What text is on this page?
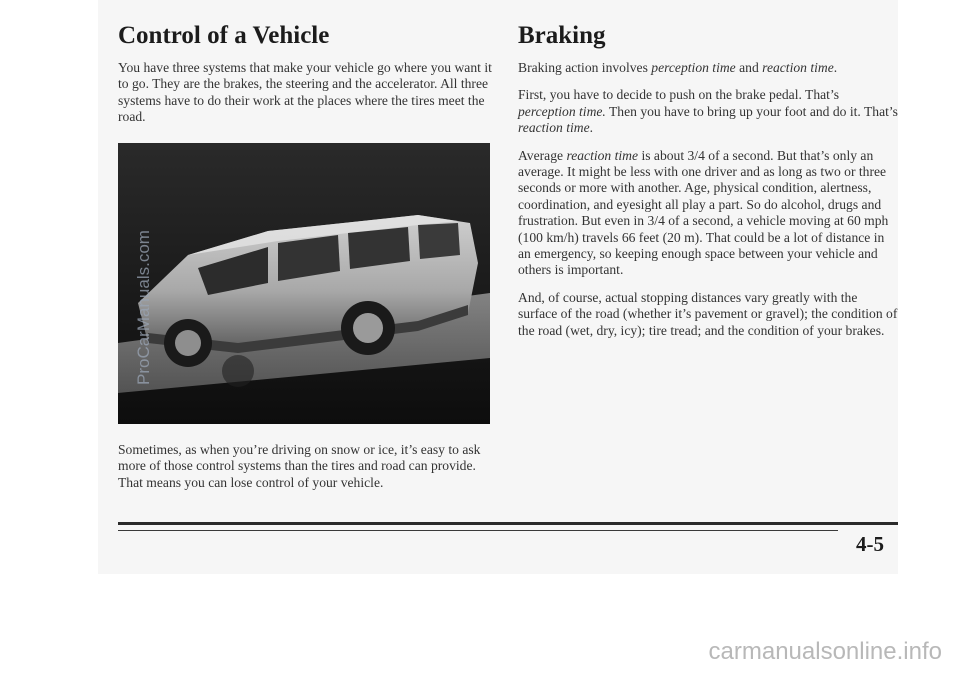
Control of a Vehicle

You have three systems that make your vehicle go where you want it to go. They are the brakes, the steering and the accelerator. All three systems have to do their work at the places where the tires meet the road.

Sometimes, as when you’re driving on snow or ice, it’s easy to ask more of those control systems than the tires and road can provide. That means you can lose control of your vehicle.

Braking

Braking action involves perception time and reaction time.

First, you have to decide to push on the brake pedal. That’s perception time. Then you have to bring up your foot and do it. That’s reaction time.

Average reaction time is about 3/4 of a second. But that’s only an average. It might be less with one driver and as long as two or three seconds or more with another. Age, physical condition, alertness, coordination, and eyesight all play a part. So do alcohol, drugs and frustration. But even in 3/4 of a second, a vehicle moving at 60 mph (100 km/h) travels 66 feet (20 m). That could be a lot of distance in an emergency, so keeping enough space between your vehicle and others is important.

And, of course, actual stopping distances vary greatly with the surface of the road (whether it’s pavement or gravel); the condition of the road (wet, dry, icy); tire tread; and the condition of your brakes.

4-5
ProCarManuals.com
carmanualsonline.info
